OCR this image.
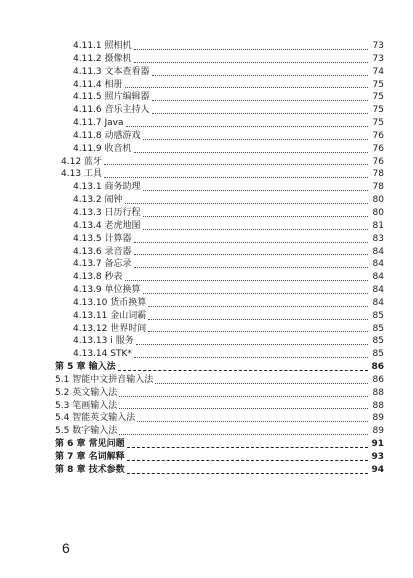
4.11.1 照相机	73
4.11.2 摄像机	73
4.11.3 文本查看器	74
4.11.4 相册	75
4.11.5 照片编辑器	75
4.11.6 音乐主持人	75
4.11.7 Java	75
4.11.8 动感游戏	76
4.11.9 收音机	76
4.12 蓝牙	76
4.13 工具	78
4.13.1 商务助理	78
4.13.2 闹钟	80
4.13.3 日历行程	80
4.13.4 老虎地图	81
4.13.5 计算器	83
4.13.6 录音器	84
4.13.7 备忘录	84
4.13.8 秒表	84
4.13.9 单位换算	84
4.13.10 货币换算	84
4.13.11 金山词霸	85
4.13.12 世界时间	85
4.13.13 i 服务	85
4.13.14 STK*	85
第 5 章 输入法	86
5.1 智能中文拼音输入法	86
5.2 英文输入法	88
5.3 笔画输入法	88
5.4 智能英文输入法	89
5.5 数字输入法	89
第 6 章 常见问题	91
第 7 章 名词解释	93
第 8 章 技术参数	94
6
